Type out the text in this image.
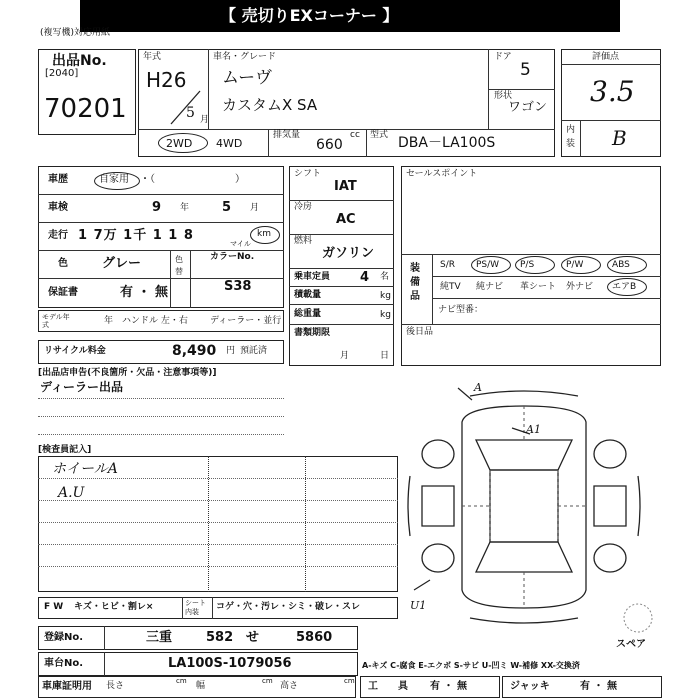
【 売切りEXコーナー 】
(複写機)対応用紙
出品No.
[2040]
70201
年式
H26
5 月
車名・グレード
ムーヴ
カスタムX SA
ドア
5
形状
ワゴン
2WD 4WD
排気量
660
cc 型式 DBA－LA100S
評価点
3.5
内
装 B
車歴	自家用 ・（　　　　　　　　）
車検	9 年	5 月
走行 1 7万 1千 1 1 8	km
マイル
色	グレー	色替
カラーNo.
S38
保証書	有 ・ 無
モデル年式	年 ハンドル 左・右 ディーラー・並行
リサイクル料金	8,490 円 預託済
シフト
IAT
冷房
AC
燃料
ガソリン
乗車定員 4 名
積載量	kg
総重量	kg
書類期限
月	日
セールスポイント
装備品
S/R PS/W P/S	P/W	ABS
純TV 純ナビ 革シート 外ナビ エアB
ナビ型番：
後日品
[出品店申告(不良箇所・欠品・注意事項等)]
ディーラー出品
[検査員記入]
ホイールA
A.U
A
A1
U1
スペア
F W キズ・ヒビ・割レ×	シート内装	コゲ・穴・汚レ・シミ・破レ・スレ
登録No.	三重	582 せ	5860
車台No.	LA100S-1079056	A-キズ C-腐食 E-エクボ S-サビ U-凹ミ W-補修 XX-交換済
車庫証明用 長さ	cm 幅	cm 高さ	cm 工　　具 有 ・ 無	ジャッキ	有 ・ 無
